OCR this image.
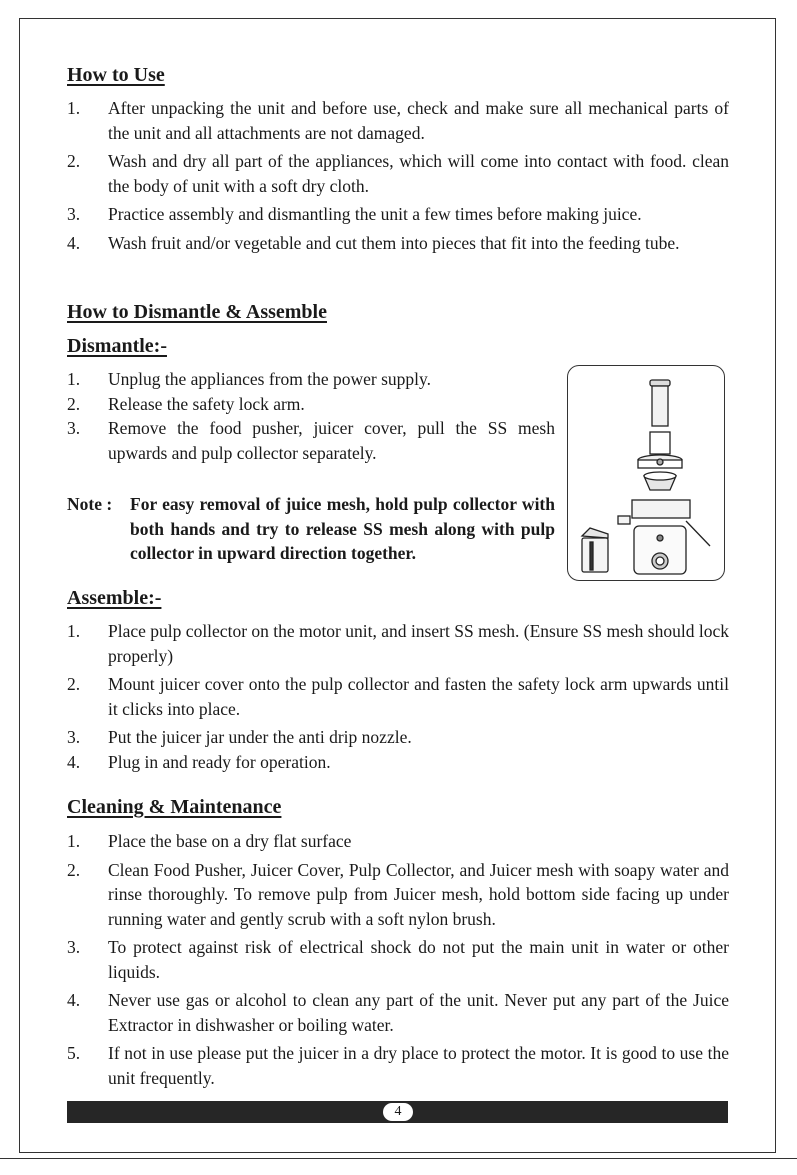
How to Use
1. After unpacking the unit and before use, check and make sure all mechanical parts of the unit and all attachments are not damaged.
2. Wash and dry all part of the appliances, which will come into contact with food. clean the body of unit with a soft dry cloth.
3. Practice assembly and dismantling the unit a few times before making juice.
4. Wash fruit and/or vegetable and cut them into pieces that fit into the feeding tube.
How to Dismantle & Assemble
Dismantle:-
1. Unplug the appliances from the power supply.
2. Release the safety lock arm.
3. Remove the food pusher, juicer cover, pull the SS mesh upwards and pulp collector separately.

Note :	For easy removal of juice mesh, hold pulp collector with both hands and try to release SS mesh along with pulp collector in upward direction together.

Assemble:-
1. Place pulp collector on the motor unit, and insert SS mesh. (Ensure SS mesh should lock properly)
2. Mount juicer cover onto the pulp collector and fasten the safety lock arm upwards until it clicks into place.
3. Put the juicer jar under the anti drip nozzle.
4. Plug in and ready for operation.
Cleaning & Maintenance
1. Place the base on a dry flat surface
2. Clean Food Pusher, Juicer Cover, Pulp Collector, and Juicer mesh with soapy water and rinse thoroughly. To remove pulp from Juicer mesh, hold bottom side facing up under running water and gently scrub with a soft nylon brush.
3. To protect against risk of electrical shock do not put the main unit in water or other liquids.
4. Never use gas or alcohol to clean any part of the unit. Never put any part of the Juice Extractor in dishwasher or boiling water.
5. If not in use please put the juicer in a dry place to protect the motor. It is good to use the unit frequently.
4
